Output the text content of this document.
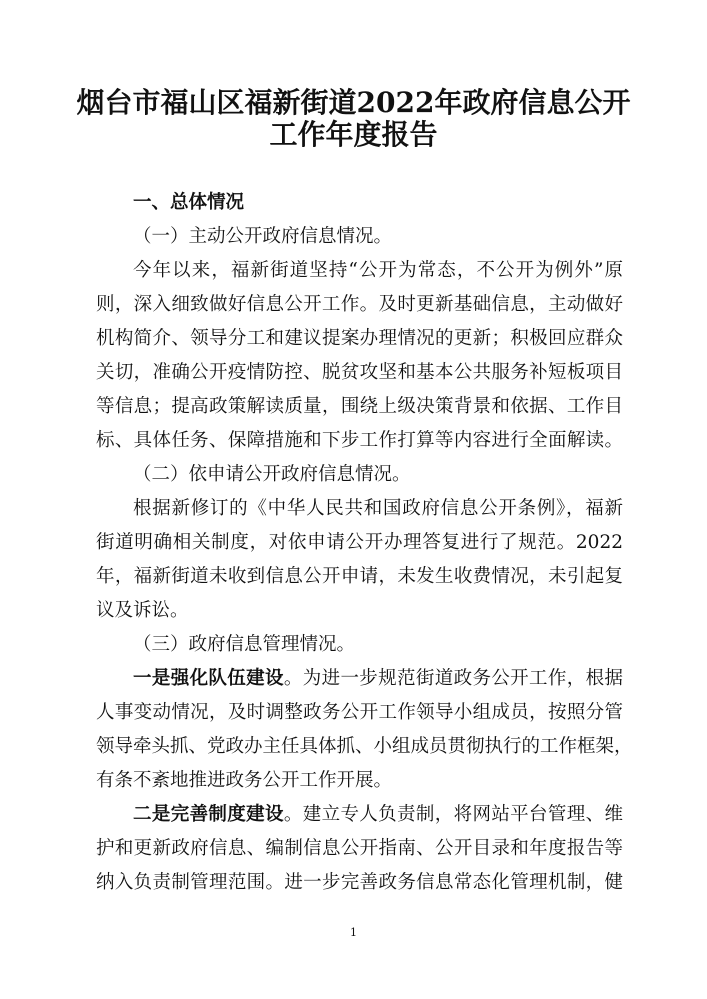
烟台市福山区福新街道2022年政府信息公开
工作年度报告
一、总体情况
（一）主动公开政府信息情况。
今年以来，福新街道坚持“公开为常态，不公开为例外”原
则，深入细致做好信息公开工作。及时更新基础信息，主动做好
机构简介、领导分工和建议提案办理情况的更新；积极回应群众
关切，准确公开疫情防控、脱贫攻坚和基本公共服务补短板项目
等信息；提高政策解读质量，围绕上级决策背景和依据、工作目
标、具体任务、保障措施和下步工作打算等内容进行全面解读。
（二）依申请公开政府信息情况。
根据新修订的《中华人民共和国政府信息公开条例》，福新
街道明确相关制度，对依申请公开办理答复进行了规范。2022
年，福新街道未收到信息公开申请，未发生收费情况，未引起复
议及诉讼。
（三）政府信息管理情况。
一是强化队伍建设。为进一步规范街道政务公开工作，根据
人事变动情况，及时调整政务公开工作领导小组成员，按照分管
领导牵头抓、党政办主任具体抓、小组成员贯彻执行的工作框架，
有条不紊地推进政务公开工作开展。
二是完善制度建设。建立专人负责制，将网站平台管理、维
护和更新政府信息、编制信息公开指南、公开目录和年度报告等
纳入负责制管理范围。进一步完善政务信息常态化管理机制，健
1
